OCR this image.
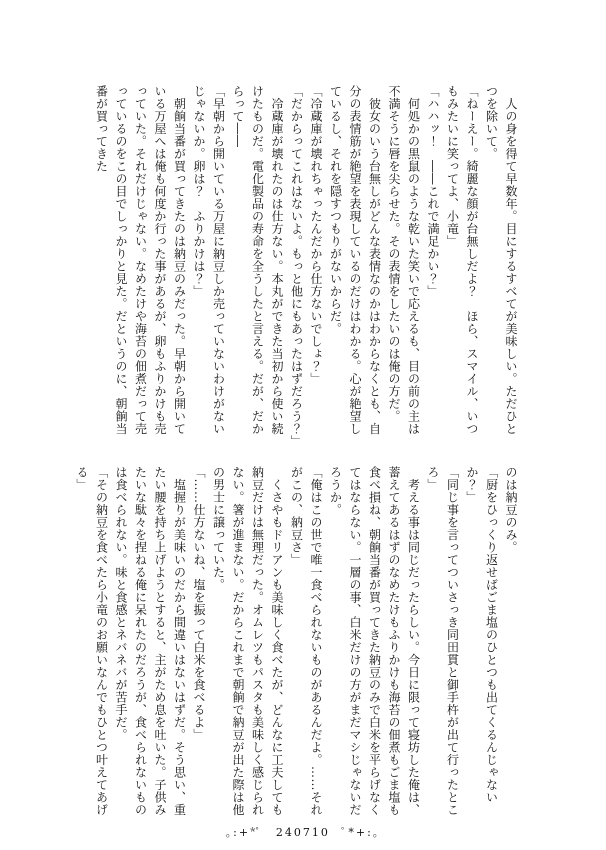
　人の身を得て早数年。目にするすべてが美味しい。ただひとつを除いて。

「ねーえー。綺麗な顔が台無しだよ？　ほら、スマイル、いつもみたいに笑ってよ、小竜」

「ハハッ！　――これで満足かい？」

　何処かの黒鼠のような乾いた笑いで応えるも、目の前の主は不満そうに唇を尖らせた。その表情をしたいのは俺の方だ。

　彼女のいう台無しがどんな表情なのかはわからなくとも、自分の表情筋が絶望を表現しているのだけはわかる。心が絶望しているし、それを隠すつもりがないからだ。

「冷蔵庫が壊れちゃったんだから仕方ないでしょ？」

「だからってこれはないよ。もっと他にもあったはずだろう？」

　冷蔵庫が壊れたのは仕方ない。本丸ができた当初から使い続けたものだ。電化製品の寿命を全うしたと言える。だが、だからって――

「早朝から開いている万屋に納豆しか売っていないわけがないじゃないか。卵は？　ふりかけは？」

　朝餉当番が買ってきたのは納豆のみだった。早朝から開いている万屋へは俺も何度か行った事があるが、卵もふりかけも売っていた。それだけじゃない。なめたけや海苔の佃煮だって売っているのをこの目でしっかりと見た。だというのに、朝餉当番が買ってきた

のは納豆のみ。

「厨をひっくり返せばごま塩のひとつも出てくるんじゃないか？」

「同じ事を言ってついさっき同田貫と御手杵が出て行ったところ」

　考える事は同じだったらしい。今日に限って寝坊した俺は、蓄えてあるはずのなめたけもふりかけも海苔の佃煮もごま塩も食べ損ね、朝餉当番が買ってきた納豆のみで白米を平らげなくてはならない。一層の事、白米だけの方がまだマシじゃないだろうか。

「俺はこの世で唯一食べられないものがあるんだよ。……それがこの、納豆さ」

　くさやもドリアンも美味しく食べたが、どんなに工夫しても納豆だけは無理だった。オムレツもパスタも美味しく感じられない。箸が進まない。だからこれまで朝餉で納豆が出た際は他の男士に譲っていた。

「……仕方ないね、塩を振って白米を食べるよ」

　塩握りが美味いのだから間違いはないはずだ。そう思い、重たい腰を持ち上げようとすると、主がため息を吐いた。子供みたいな駄々を捏ねる俺に呆れたのだろうが、食べられないものは食べられない。味と食感とネバネバが苦手だ。

「その納豆を食べたら小竜のお願いなんでもひとつ叶えてあげる」

｡:+*ﾟ　240710　ﾟ*+:｡
